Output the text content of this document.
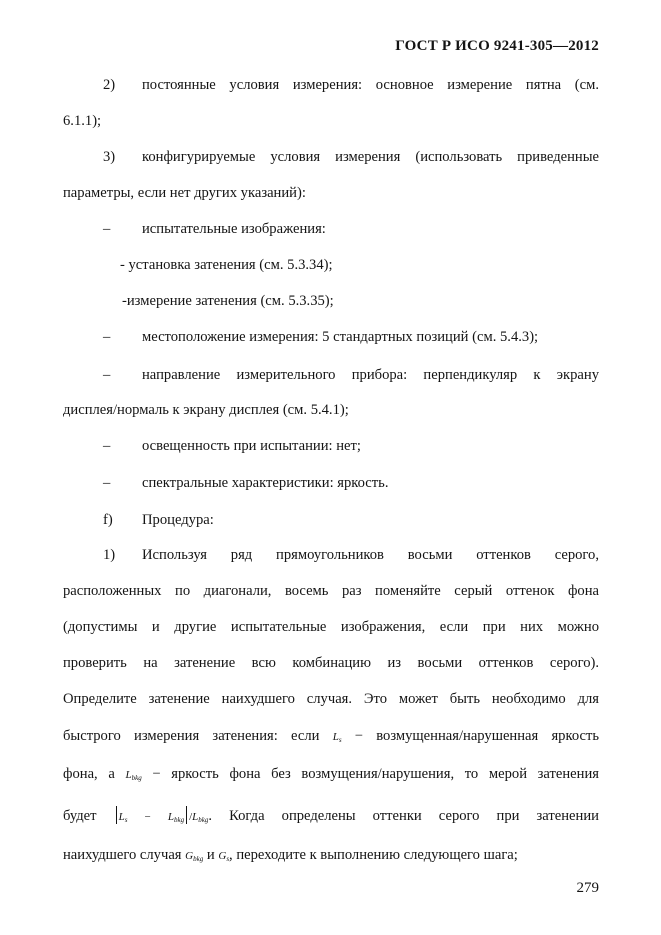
ГОСТ Р ИСО 9241-305—2012
2) постоянные условия измерения: основное измерение пятна (см.
6.1.1);
3) конфигурируемые условия измерения (использовать приведенные
параметры, если нет других указаний):
– испытательные изображения:
- установка затенения (см. 5.3.34);
-измерение затенения (см. 5.3.35);
– местоположение измерения: 5 стандартных позиций (см. 5.4.3);
– направление измерительного прибора: перпендикуляр к экрану
дисплея/нормаль к экрану дисплея (см. 5.4.1);
– освещенность при испытании: нет;
– спектральные характеристики: яркость.
f) Процедура:
1) Используя ряд прямоугольников восьми оттенков серого,
расположенных по диагонали, восемь раз поменяйте серый оттенок фона
(допустимы и другие испытательные изображения, если при них можно
проверить на затенение всю комбинацию из восьми оттенков серого).
Определите затенение наихудшего случая. Это может быть необходимо для
быстрого измерения затенения: если Ls − возмущенная/нарушенная яркость
фона, а Lbkg − яркость фона без возмущения/нарушения, то мерой затенения
будет Ls − Lbkg /Lbkg. Когда определены оттенки серого при затенении
наихудшего случая Gbkg и Gs, переходите к выполнению следующего шага;
279
